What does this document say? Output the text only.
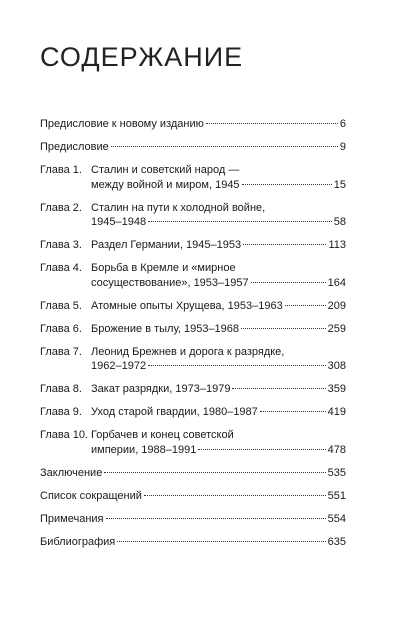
СОДЕРЖАНИЕ
Предисловие к новому изданию	6
Предисловие	9
Глава 1. Сталин и советский народ —
между войной и миром, 1945	15
Глава 2. Сталин на пути к холодной войне,
1945–1948	58
Глава 3. Раздел Германии, 1945–1953	113
Глава 4. Борьба в Кремле и «мирное
сосуществование», 1953–1957	164
Глава 5. Атомные опыты Хрущева, 1953–1963	209
Глава 6. Брожение в тылу, 1953–1968	259
Глава 7. Леонид Брежнев и дорога к разрядке,
1962–1972	308
Глава 8. Закат разрядки, 1973–1979	359
Глава 9. Уход старой гвардии, 1980–1987	419
Глава 10. Горбачев и конец советской
империи, 1988–1991	478
Заключение	535
Список сокращений	551
Примечания	554
Библиография	635
